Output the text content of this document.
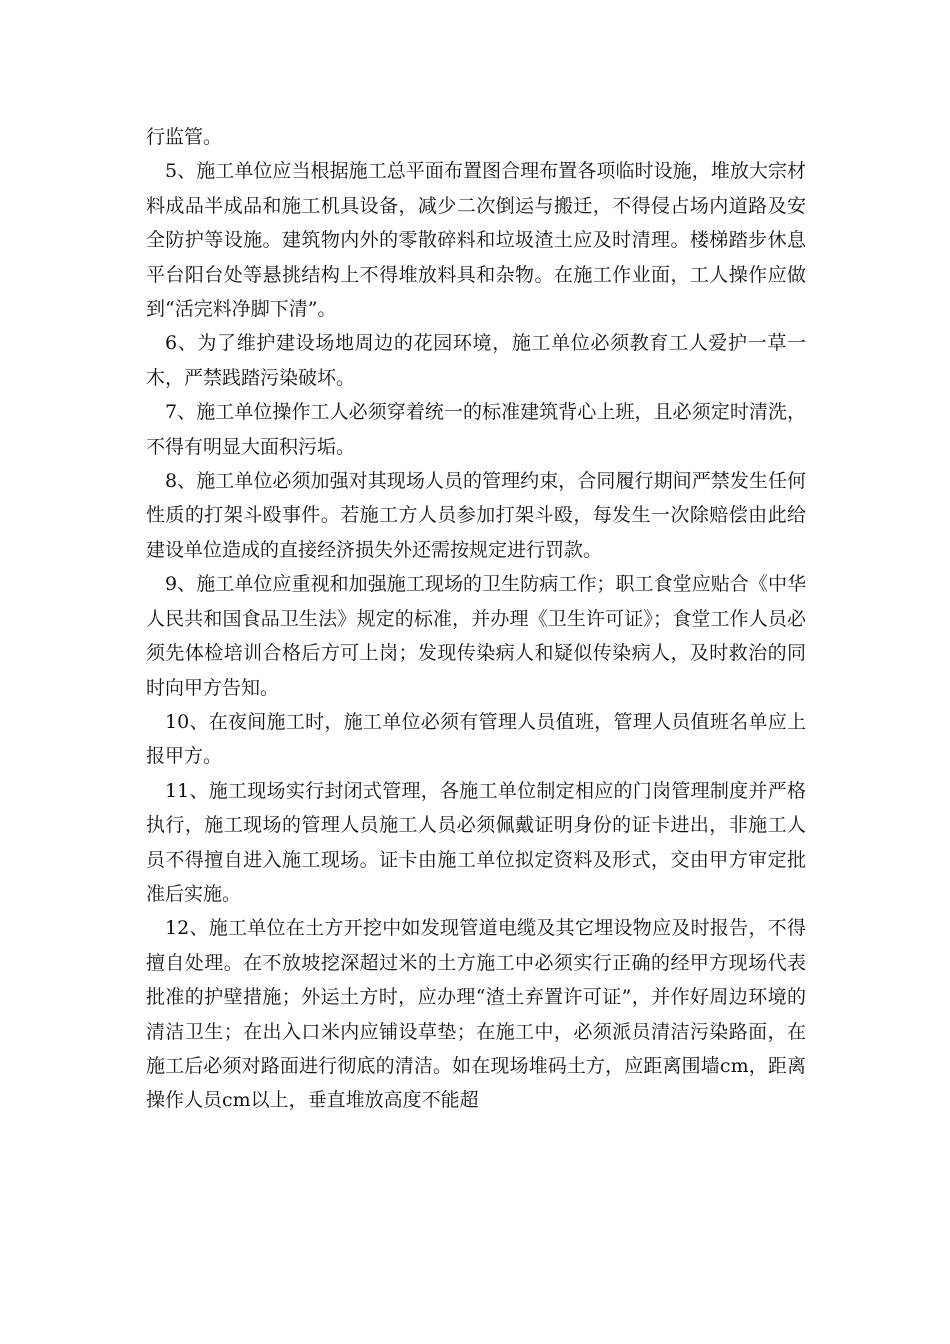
行监管。

5、施工单位应当根据施工总平面布置图合理布置各项临时设施，堆放大宗材料成品半成品和施工机具设备，减少二次倒运与搬迁，不得侵占场内道路及安全防护等设施。建筑物内外的零散碎料和垃圾渣土应及时清理。楼梯踏步休息平台阳台处等悬挑结构上不得堆放料具和杂物。在施工作业面，工人操作应做到“活完料净脚下清”。

6、为了维护建设场地周边的花园环境，施工单位必须教育工人爱护一草一木，严禁践踏污染破坏。

7、施工单位操作工人必须穿着统一的标准建筑背心上班，且必须定时清洗，不得有明显大面积污垢。

8、施工单位必须加强对其现场人员的管理约束，合同履行期间严禁发生任何性质的打架斗殴事件。若施工方人员参加打架斗殴，每发生一次除赔偿由此给建设单位造成的直接经济损失外还需按规定进行罚款。

9、施工单位应重视和加强施工现场的卫生防病工作；职工食堂应贴合《中华人民共和国食品卫生法》规定的标准，并办理《卫生许可证》；食堂工作人员必须先体检培训合格后方可上岗；发现传染病人和疑似传染病人，及时救治的同时向甲方告知。

10、在夜间施工时，施工单位必须有管理人员值班，管理人员值班名单应上报甲方。

11、施工现场实行封闭式管理，各施工单位制定相应的门岗管理制度并严格执行，施工现场的管理人员施工人员必须佩戴证明身份的证卡进出，非施工人员不得擅自进入施工现场。证卡由施工单位拟定资料及形式，交由甲方审定批准后实施。

12、施工单位在土方开挖中如发现管道电缆及其它埋设物应及时报告，不得擅自处理。在不放坡挖深超过米的土方施工中必须实行正确的经甲方现场代表批准的护壁措施；外运土方时，应办理“渣土弃置许可证”，并作好周边环境的清洁卫生；在出入口米内应铺设草垫；在施工中，必须派员清洁污染路面，在施工后必须对路面进行彻底的清洁。如在现场堆码土方，应距离围墙cm，距离操作人员cm以上，垂直堆放高度不能超
